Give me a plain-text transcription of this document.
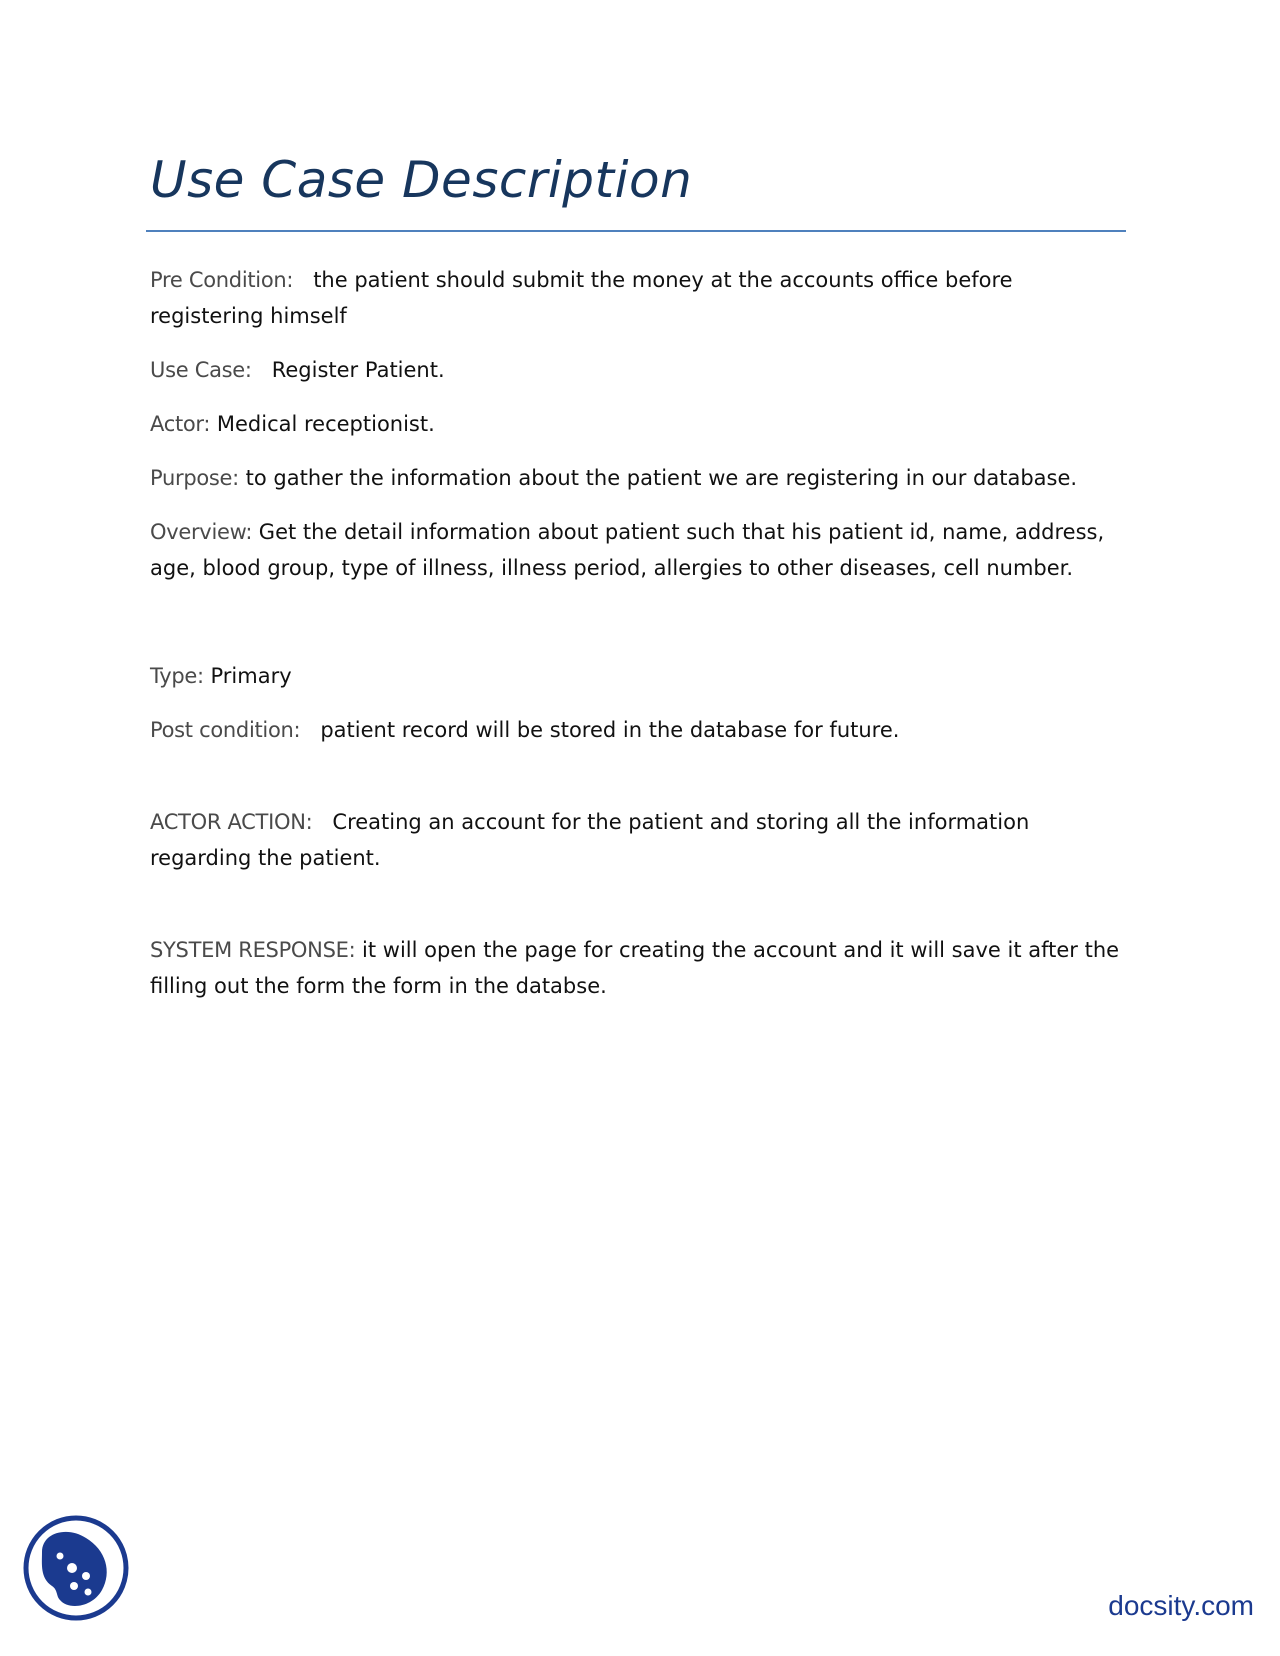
Use Case Description

Pre Condition: the patient should submit the money at the accounts office before registering himself

Use Case: Register Patient.

Actor: Medical receptionist.

Purpose: to gather the information about the patient we are registering in our database.

Overview: Get the detail information about patient such that his patient id, name, address, age, blood group, type of illness, illness period, allergies to other diseases, cell number.

Type: Primary

Post condition: patient record will be stored in the database for future.

ACTOR ACTION: Creating an account for the patient and storing all the information regarding the patient.

SYSTEM RESPONSE: it will open the page for creating the account and it will save it after the filling out the form the form in the databse.

docsity.com
